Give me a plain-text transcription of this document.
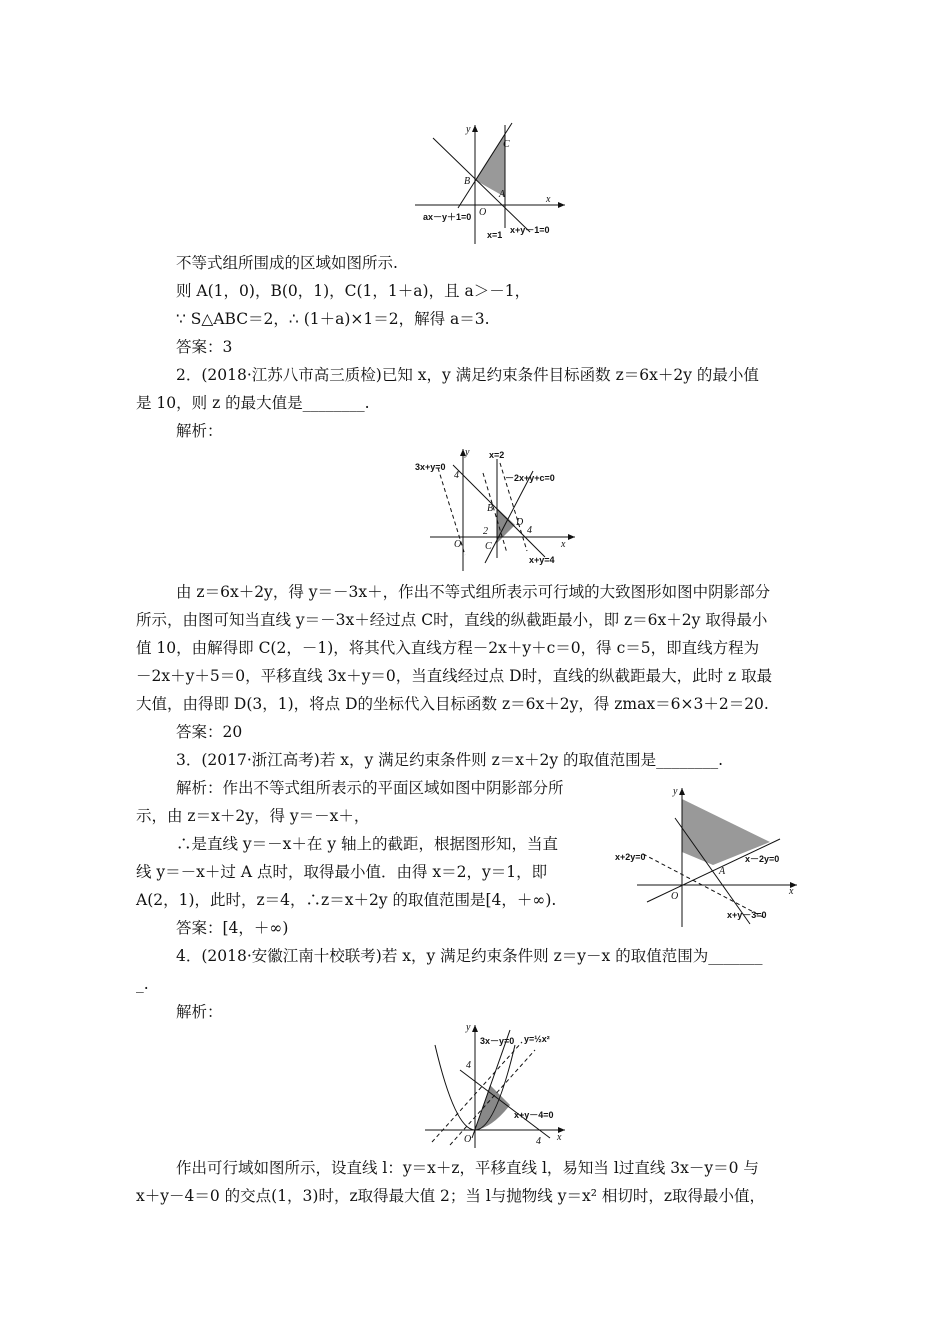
y
x
C
B
A
O
ax－y＋1=0
x=1 x+y－1=0
不等式组所围成的区域如图所示.
则 A(1，0)，B(0，1)，C(1，1＋a)，且 a＞－1，
∵ S△ABC＝2，∴ (1＋a)×1＝2，解得 a＝3.
答案：3
2．(2018·江苏八市高三质检)已知 x，y 满足约束条件目标函数 z＝6x＋2y 的最小值
是 10，则 z 的最大值是________.
解析：
y
x
3x+y=0
x=2
－2x+y+c=0
x+y=4
4
2	4
B
D
C
O
由 z＝6x＋2y，得 y＝－3x＋，作出不等式组所表示可行域的大致图形如图中阴影部分
所示，由图可知当直线 y＝－3x＋经过点 C时，直线的纵截距最小，即 z＝6x＋2y 取得最小
值 10，由解得即 C(2，－1)，将其代入直线方程－2x＋y＋c＝0，得 c＝5，即直线方程为
－2x＋y＋5＝0，平移直线 3x＋y＝0，当直线经过点 D时，直线的纵截距最大，此时 z 取最
大值，由得即 D(3，1)，将点 D的坐标代入目标函数 z＝6x＋2y，得 zmax＝6×3＋2＝20.
答案：20
3．(2017·浙江高考)若 x，y 满足约束条件则 z＝x＋2y 的取值范围是________.
解析：作出不等式组所表示的平面区域如图中阴影部分所
示，由 z＝x＋2y，得 y＝－x＋，
∴是直线 y＝－x＋在 y 轴上的截距，根据图形知，当直
线 y＝－x＋过 A 点时，取得最小值．由得 x＝2，y＝1，即
A(2，1)，此时，z＝4，∴z＝x＋2y 的取值范围是[4，＋∞).
答案：[4，＋∞)
y
x
O
A
x+2y=0	x－2y=0
x+y－3=0
4．(2018·安徽江南十校联考)若 x，y 满足约束条件则 z＝y－x 的取值范围为_______
_.
解析：
y
x
O
4
4
3x－y=0 y=½x²
x+y－4=0
作出可行域如图所示，设直线 l：y＝x＋z，平移直线 l，易知当 l过直线 3x－y＝0 与
x＋y－4＝0 的交点(1，3)时，z取得最大值 2；当 l与抛物线 y＝x² 相切时，z取得最小值，
